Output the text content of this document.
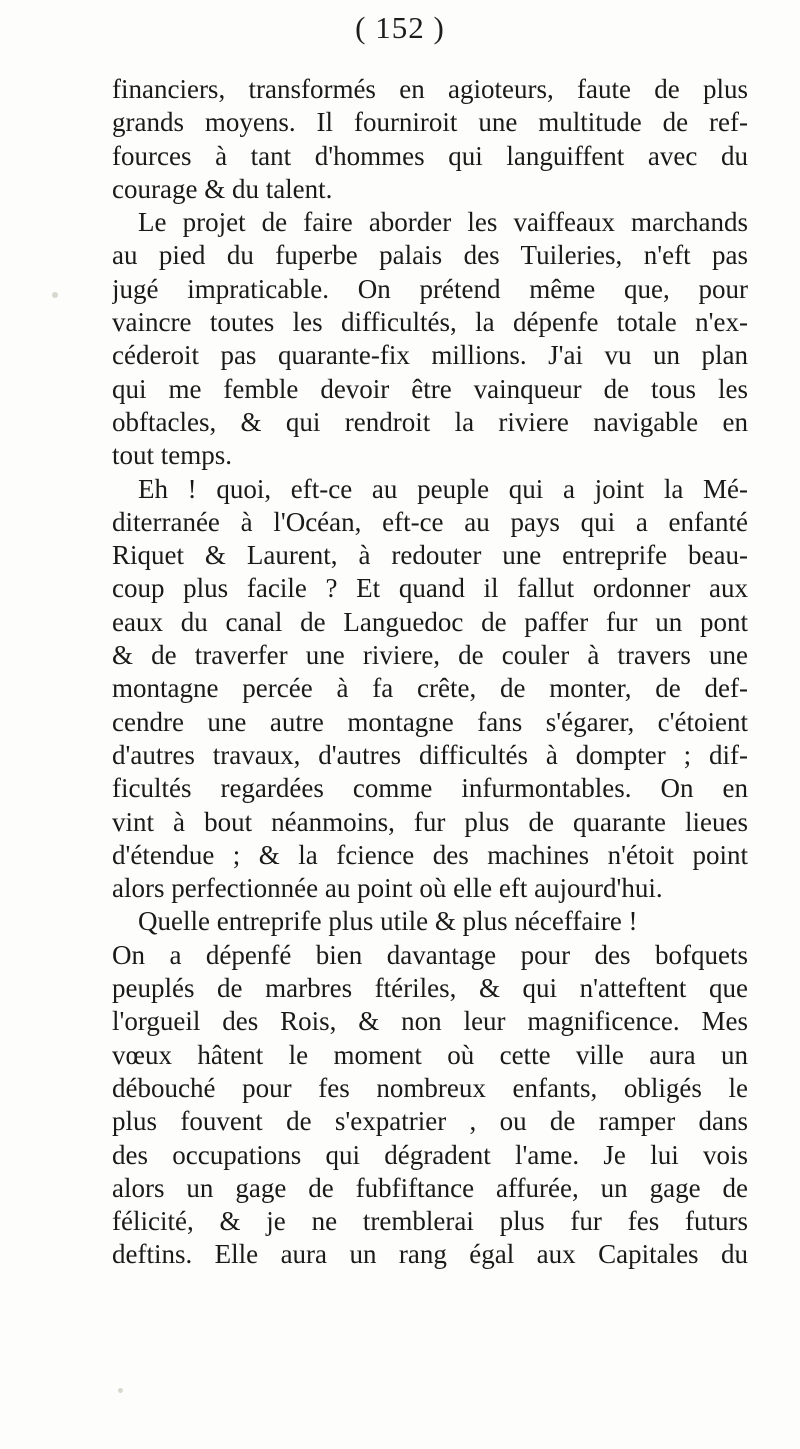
( 152 )
financiers, transformés en agioteurs, faute de plus
grands moyens. Il fourniroit une multitude de ref-
fources à tant d'hommes qui languiffent avec du
courage & du talent.
Le projet de faire aborder les vaiffeaux marchands
au pied du fuperbe palais des Tuileries, n'eft pas
jugé impraticable. On prétend même que, pour
vaincre toutes les difficultés, la dépenfe totale n'ex-
céderoit pas quarante-fix millions. J'ai vu un plan
qui me femble devoir être vainqueur de tous les
obftacles, & qui rendroit la riviere navigable en
tout temps.
Eh ! quoi, eft-ce au peuple qui a joint la Mé-
diterranée à l'Océan, eft-ce au pays qui a enfanté
Riquet & Laurent, à redouter une entreprife beau-
coup plus facile ? Et quand il fallut ordonner aux
eaux du canal de Languedoc de paffer fur un pont
& de traverfer une riviere, de couler à travers une
montagne percée à fa crête, de monter, de def-
cendre une autre montagne fans s'égarer, c'étoient
d'autres travaux, d'autres difficultés à dompter ; dif-
ficultés regardées comme infurmontables. On en
vint à bout néanmoins, fur plus de quarante lieues
d'étendue ; & la fcience des machines n'étoit point
alors perfectionnée au point où elle eft aujourd'hui.
Quelle entreprife plus utile & plus néceffaire !
On a dépenfé bien davantage pour des bofquets
peuplés de marbres ftériles, & qui n'atteftent que
l'orgueil des Rois, & non leur magnificence. Mes
vœux hâtent le moment où cette ville aura un
débouché pour fes nombreux enfants, obligés le
plus fouvent de s'expatrier , ou de ramper dans
des occupations qui dégradent l'ame. Je lui vois
alors un gage de fubfiftance affurée, un gage de
félicité, & je ne tremblerai plus fur fes futurs
deftins. Elle aura un rang égal aux Capitales du
